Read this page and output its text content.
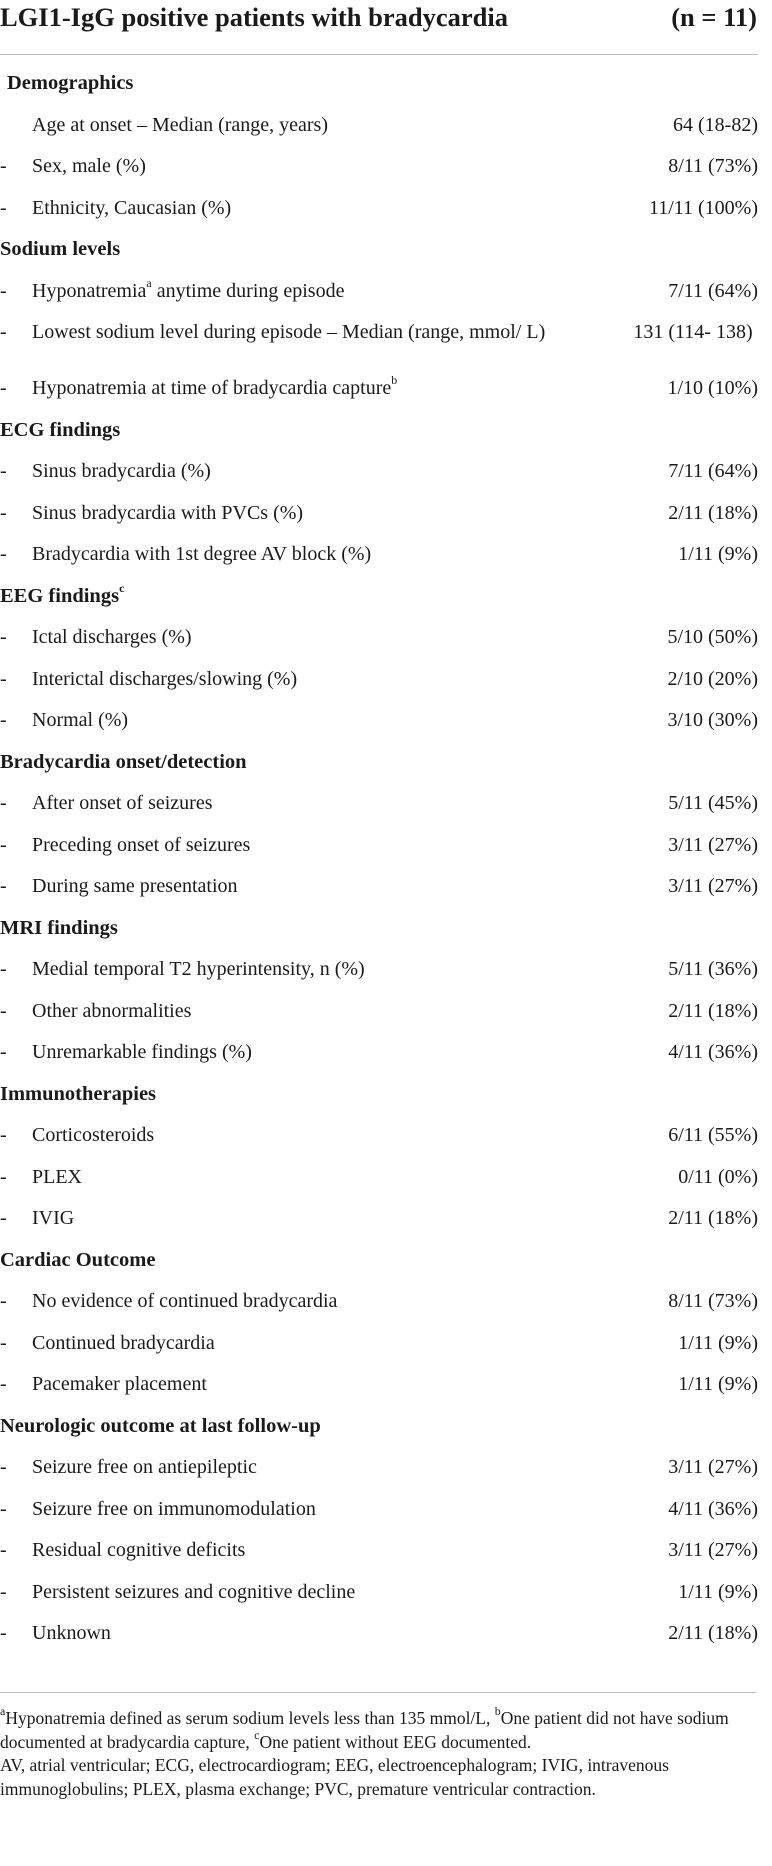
LGI1-IgG positive patients with bradycardia	(n = 11)
Demographics
Age at onset – Median (range, years)	64 (18-82)
-	Sex, male (%)	8/11 (73%)
-	Ethnicity, Caucasian (%)	11/11 (100%)
Sodium levels
-	Hyponatremia$^a$ anytime during episode	7/11 (64%)
-	Lowest sodium level during episode – Median (range, mmol/ L)	131 (114- 138)
-	Hyponatremia at time of bradycardia capture$^b$	1/10 (10%)
ECG findings
-	Sinus bradycardia (%)	7/11 (64%)
-	Sinus bradycardia with PVCs (%)	2/11 (18%)
-	Bradycardia with 1st degree AV block (%)	1/11 (9%)
EEG findings$^c$
-	Ictal discharges (%)	5/10 (50%)
-	Interictal discharges/slowing (%)	2/10 (20%)
-	Normal (%)	3/10 (30%)
Bradycardia onset/detection
-	After onset of seizures	5/11 (45%)
-	Preceding onset of seizures	3/11 (27%)
-	During same presentation	3/11 (27%)
MRI findings
-	Medial temporal T2 hyperintensity, n (%)	5/11 (36%)
-	Other abnormalities	2/11 (18%)
-	Unremarkable findings (%)	4/11 (36%)
Immunotherapies
-	Corticosteroids	6/11 (55%)
-	PLEX	0/11 (0%)
-	IVIG	2/11 (18%)
Cardiac Outcome
-	No evidence of continued bradycardia	8/11 (73%)
-	Continued bradycardia	1/11 (9%)
-	Pacemaker placement	1/11 (9%)
Neurologic outcome at last follow-up
-	Seizure free on antiepileptic	3/11 (27%)
-	Seizure free on immunomodulation	4/11 (36%)
-	Residual cognitive deficits	3/11 (27%)
-	Persistent seizures and cognitive decline	1/11 (9%)
-	Unknown	2/11 (18%)

$^a$Hyponatremia defined as serum sodium levels less than 135 mmol/L, $^b$One patient did not have sodium documented at bradycardia capture, $^c$One patient without EEG documented.

AV, atrial ventricular; ECG, electrocardiogram; EEG, electroencephalogram; IVIG, intravenous immunoglobulins; PLEX, plasma exchange; PVC, premature ventricular contraction.
